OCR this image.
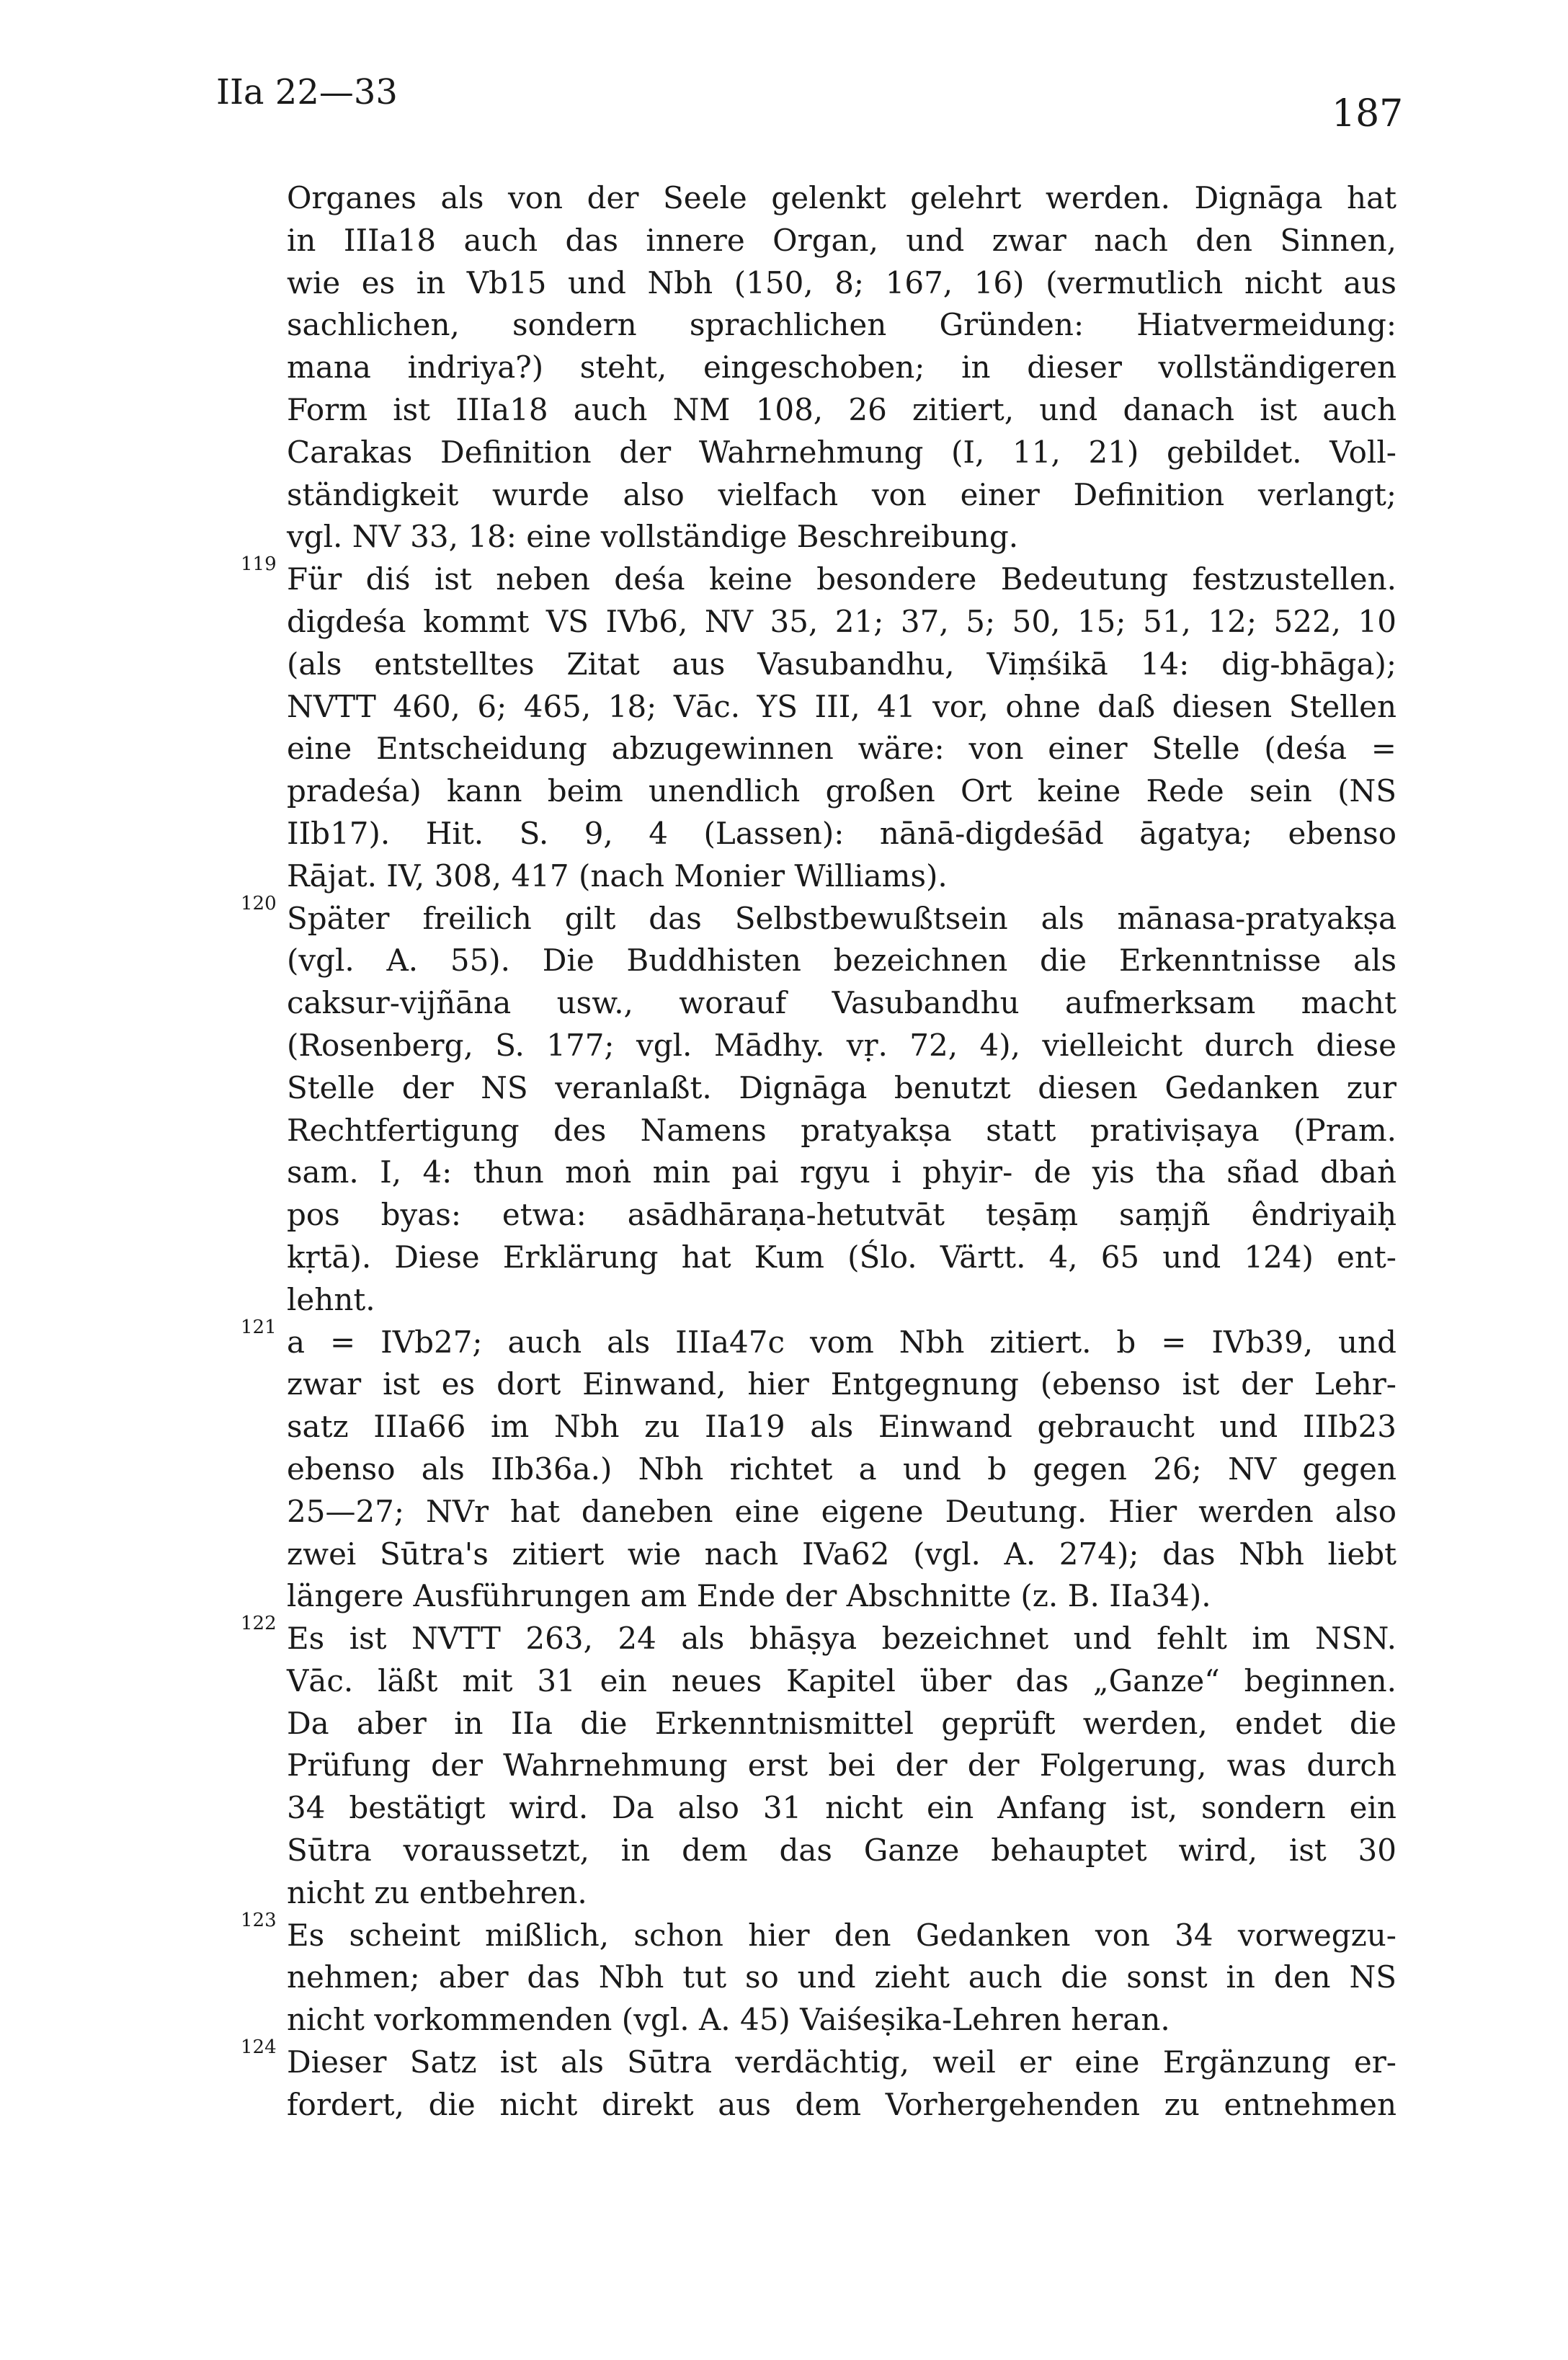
IIa 22—33	187
Organes als von der Seele gelenkt gelehrt werden. Dignāga hat
in IIIa18 auch das innere Organ, und zwar nach den Sinnen,
wie es in Vb15 und Nbh (150, 8; 167, 16) (vermutlich nicht aus
sachlichen, sondern sprachlichen Gründen: Hiatvermeidung:
mana indriya?) steht, eingeschoben; in dieser vollständigeren
Form ist IIIa18 auch NM 108, 26 zitiert, und danach ist auch
Carakas Definition der Wahrnehmung (I, 11, 21) gebildet. Voll-
ständigkeit wurde also vielfach von einer Definition verlangt;
vgl. NV 33, 18: eine vollständige Beschreibung.
119 Für diś ist neben deśa keine besondere Bedeutung festzustellen.
digdeśa kommt VS IVb6, NV 35, 21; 37, 5; 50, 15; 51, 12; 522, 10
(als entstelltes Zitat aus Vasubandhu, Viṃśikā 14: dig-bhāga);
NVTT 460, 6; 465, 18; Vāc. YS III, 41 vor, ohne daß diesen Stellen
eine Entscheidung abzugewinnen wäre: von einer Stelle (deśa =
pradeśa) kann beim unendlich großen Ort keine Rede sein (NS
IIb17). Hit. S. 9, 4 (Lassen): nānā-digdeśād āgatya; ebenso
Rājat. IV, 308, 417 (nach Monier Williams).
120 Später freilich gilt das Selbstbewußtsein als mānasa-pratyakṣa
(vgl. A. 55). Die Buddhisten bezeichnen die Erkenntnisse als
caksur-vijñāna usw., worauf Vasubandhu aufmerksam macht
(Rosenberg, S. 177; vgl. Mādhy. vṛ. 72, 4), vielleicht durch diese
Stelle der NS veranlaßt. Dignāga benutzt diesen Gedanken zur
Rechtfertigung des Namens pratyakṣa statt prativiṣaya (Pram.
sam. I, 4: thun moṅ min pai rgyu i phyir- de yis tha sñad dbaṅ
pos byas: etwa: asādhāraṇa-hetutvāt teṣāṃ saṃjñ êndriyaiḥ
kṛtā). Diese Erklärung hat Kum (Ślo. Värtt. 4, 65 und 124) ent-
lehnt.
121 a = IVb27; auch als IIIa47c vom Nbh zitiert. b = IVb39, und
zwar ist es dort Einwand, hier Entgegnung (ebenso ist der Lehr-
satz IIIa66 im Nbh zu IIa19 als Einwand gebraucht und IIIb23
ebenso als IIb36a.) Nbh richtet a und b gegen 26; NV gegen
25—27; NVr hat daneben eine eigene Deutung. Hier werden also
zwei Sūtra's zitiert wie nach IVa62 (vgl. A. 274); das Nbh liebt
längere Ausführungen am Ende der Abschnitte (z. B. IIa34).
122 Es ist NVTT 263, 24 als bhāṣya bezeichnet und fehlt im NSN.
Vāc. läßt mit 31 ein neues Kapitel über das „Ganze“ beginnen.
Da aber in IIa die Erkenntnismittel geprüft werden, endet die
Prüfung der Wahrnehmung erst bei der der Folgerung, was durch
34 bestätigt wird. Da also 31 nicht ein Anfang ist, sondern ein
Sūtra voraussetzt, in dem das Ganze behauptet wird, ist 30
nicht zu entbehren.
123 Es scheint mißlich, schon hier den Gedanken von 34 vorwegzu-
nehmen; aber das Nbh tut so und zieht auch die sonst in den NS
nicht vorkommenden (vgl. A. 45) Vaiśeṣika-Lehren heran.
124 Dieser Satz ist als Sūtra verdächtig, weil er eine Ergänzung er-
fordert, die nicht direkt aus dem Vorhergehenden zu entnehmen
